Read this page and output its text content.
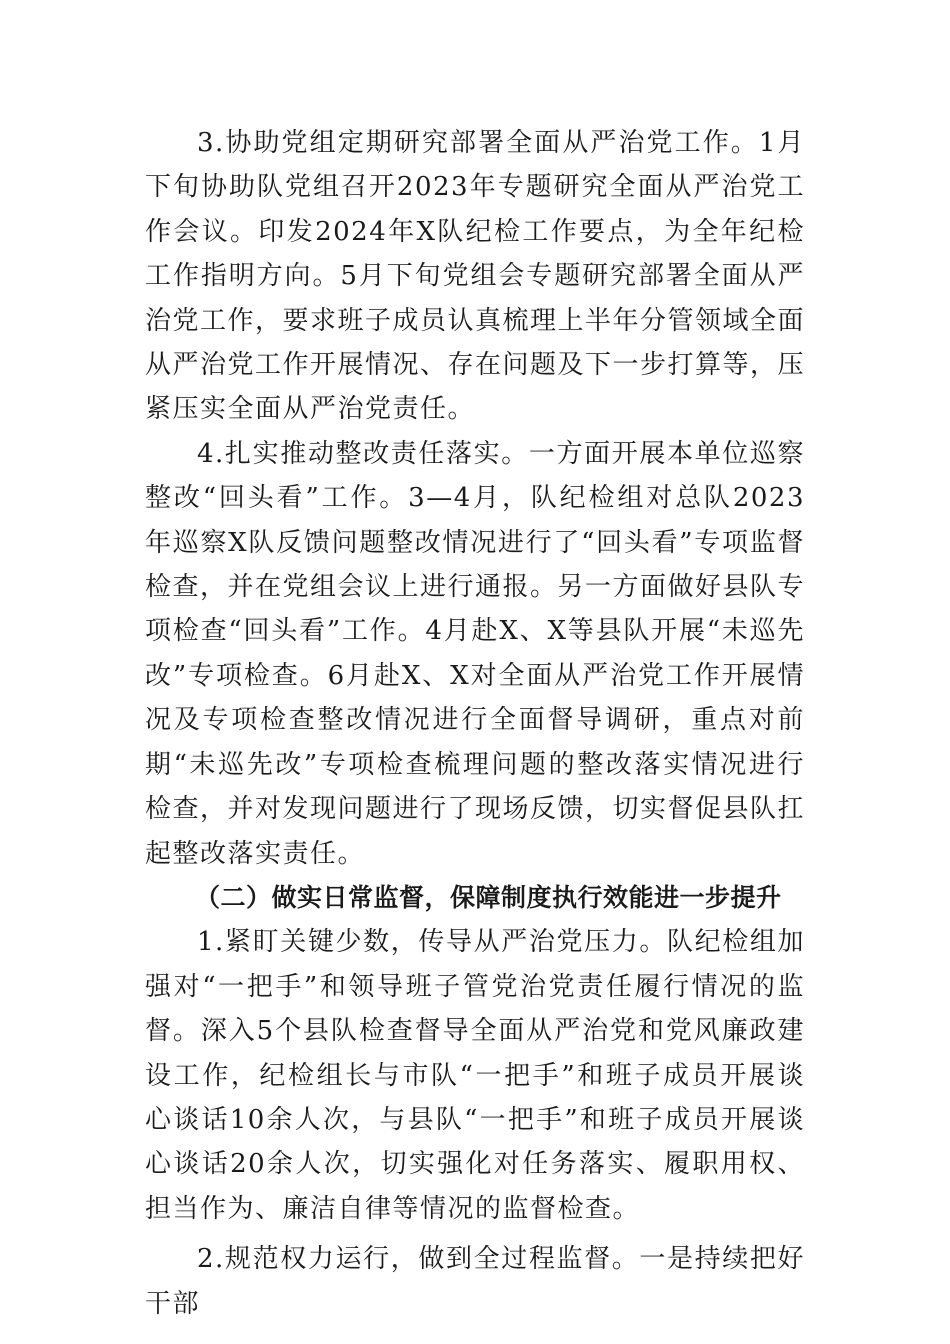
3.协助党组定期研究部署全面从严治党工作。1月下旬协助队党组召开2023年专题研究全面从严治党工作会议。印发2024年X队纪检工作要点，为全年纪检工作指明方向。5月下旬党组会专题研究部署全面从严治党工作，要求班子成员认真梳理上半年分管领域全面从严治党工作开展情况、存在问题及下一步打算等，压紧压实全面从严治党责任。

4.扎实推动整改责任落实。一方面开展本单位巡察整改“回头看”工作。3—4月，队纪检组对总队2023年巡察X队反馈问题整改情况进行了“回头看”专项监督检查，并在党组会议上进行通报。另一方面做好县队专项检查“回头看”工作。4月赴X、X等县队开展“未巡先改”专项检查。6月赴X、X对全面从严治党工作开展情况及专项检查整改情况进行全面督导调研，重点对前期“未巡先改”专项检查梳理问题的整改落实情况进行检查，并对发现问题进行了现场反馈，切实督促县队扛起整改落实责任。

（二）做实日常监督，保障制度执行效能进一步提升

1.紧盯关键少数，传导从严治党压力。队纪检组加强对“一把手”和领导班子管党治党责任履行情况的监督。深入5个县队检查督导全面从严治党和党风廉政建设工作，纪检组长与市队“一把手”和班子成员开展谈心谈话10余人次，与县队“一把手”和班子成员开展谈心谈话20余人次，切实强化对任务落实、履职用权、担当作为、廉洁自律等情况的监督检查。

2.规范权力运行，做到全过程监督。一是持续把好干部
